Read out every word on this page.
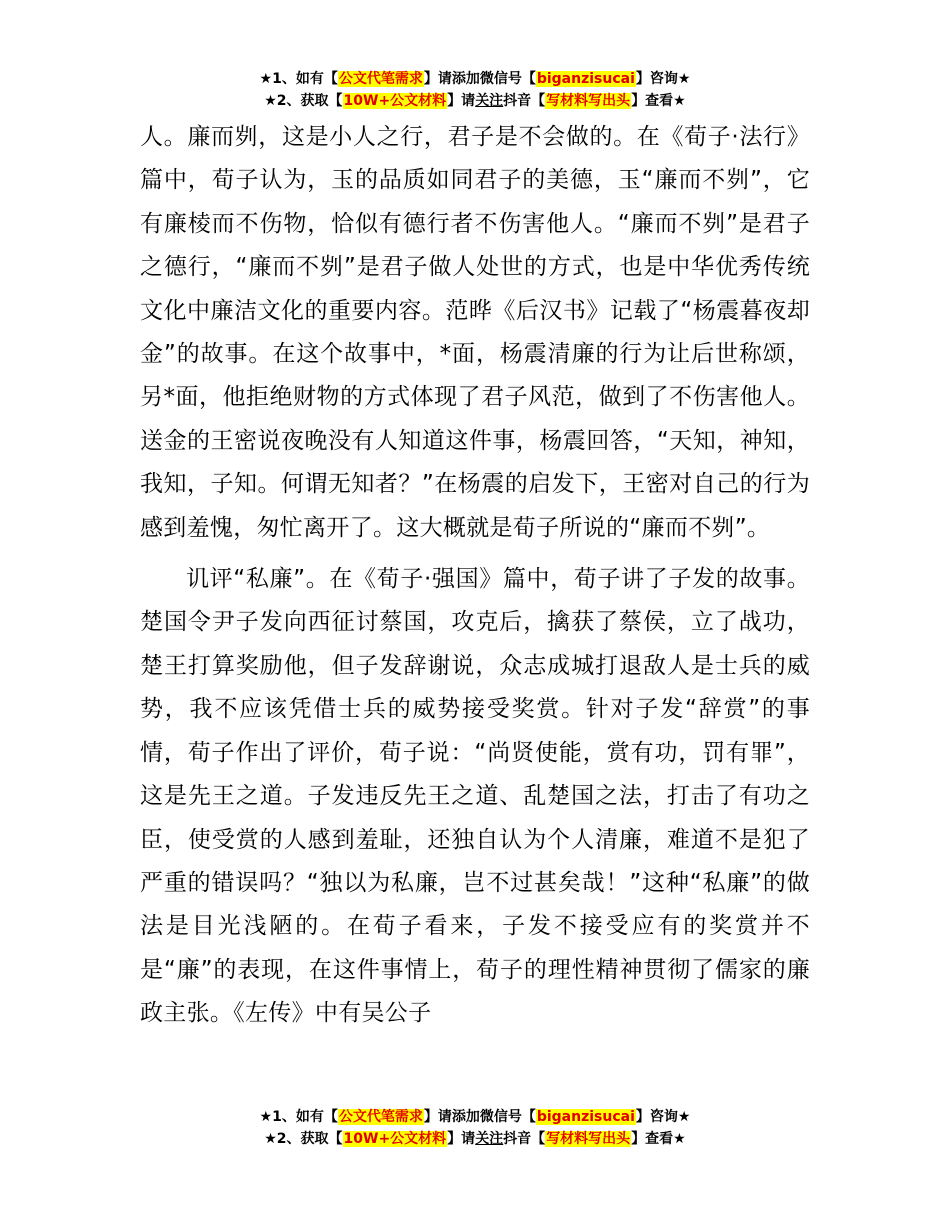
★1、如有【公文代笔需求】请添加微信号【biganzisucai】咨询★
★2、获取【10W+公文材料】请关注抖音【写材料写出头】查看★

人。廉而刿，这是小人之行，君子是不会做的。在《荀子·法行》篇中，荀子认为，玉的品质如同君子的美德，玉“廉而不刿”，它有廉棱而不伤物，恰似有德行者不伤害他人。“廉而不刿”是君子之德行，“廉而不刿”是君子做人处世的方式，也是中华优秀传统文化中廉洁文化的重要内容。范晔《后汉书》记载了“杨震暮夜却金”的故事。在这个故事中，*面，杨震清廉的行为让后世称颂，另*面，他拒绝财物的方式体现了君子风范，做到了不伤害他人。送金的王密说夜晚没有人知道这件事，杨震回答，“天知，神知，我知，子知。何谓无知者？”在杨震的启发下，王密对自己的行为感到羞愧，匆忙离开了。这大概就是荀子所说的“廉而不刿”。

讥评“私廉”。在《荀子·强国》篇中，荀子讲了子发的故事。楚国令尹子发向西征讨蔡国，攻克后，擒获了蔡侯，立了战功，楚王打算奖励他，但子发辞谢说，众志成城打退敌人是士兵的威势，我不应该凭借士兵的威势接受奖赏。针对子发“辞赏”的事情，荀子作出了评价，荀子说：“尚贤使能，赏有功，罚有罪”，这是先王之道。子发违反先王之道、乱楚国之法，打击了有功之臣，使受赏的人感到羞耻，还独自认为个人清廉，难道不是犯了严重的错误吗？“独以为私廉，岂不过甚矣哉！”这种“私廉”的做法是目光浅陋的。在荀子看来，子发不接受应有的奖赏并不是“廉”的表现，在这件事情上，荀子的理性精神贯彻了儒家的廉政主张。《左传》中有吴公子

★1、如有【公文代笔需求】请添加微信号【biganzisucai】咨询★
★2、获取【10W+公文材料】请关注抖音【写材料写出头】查看★
